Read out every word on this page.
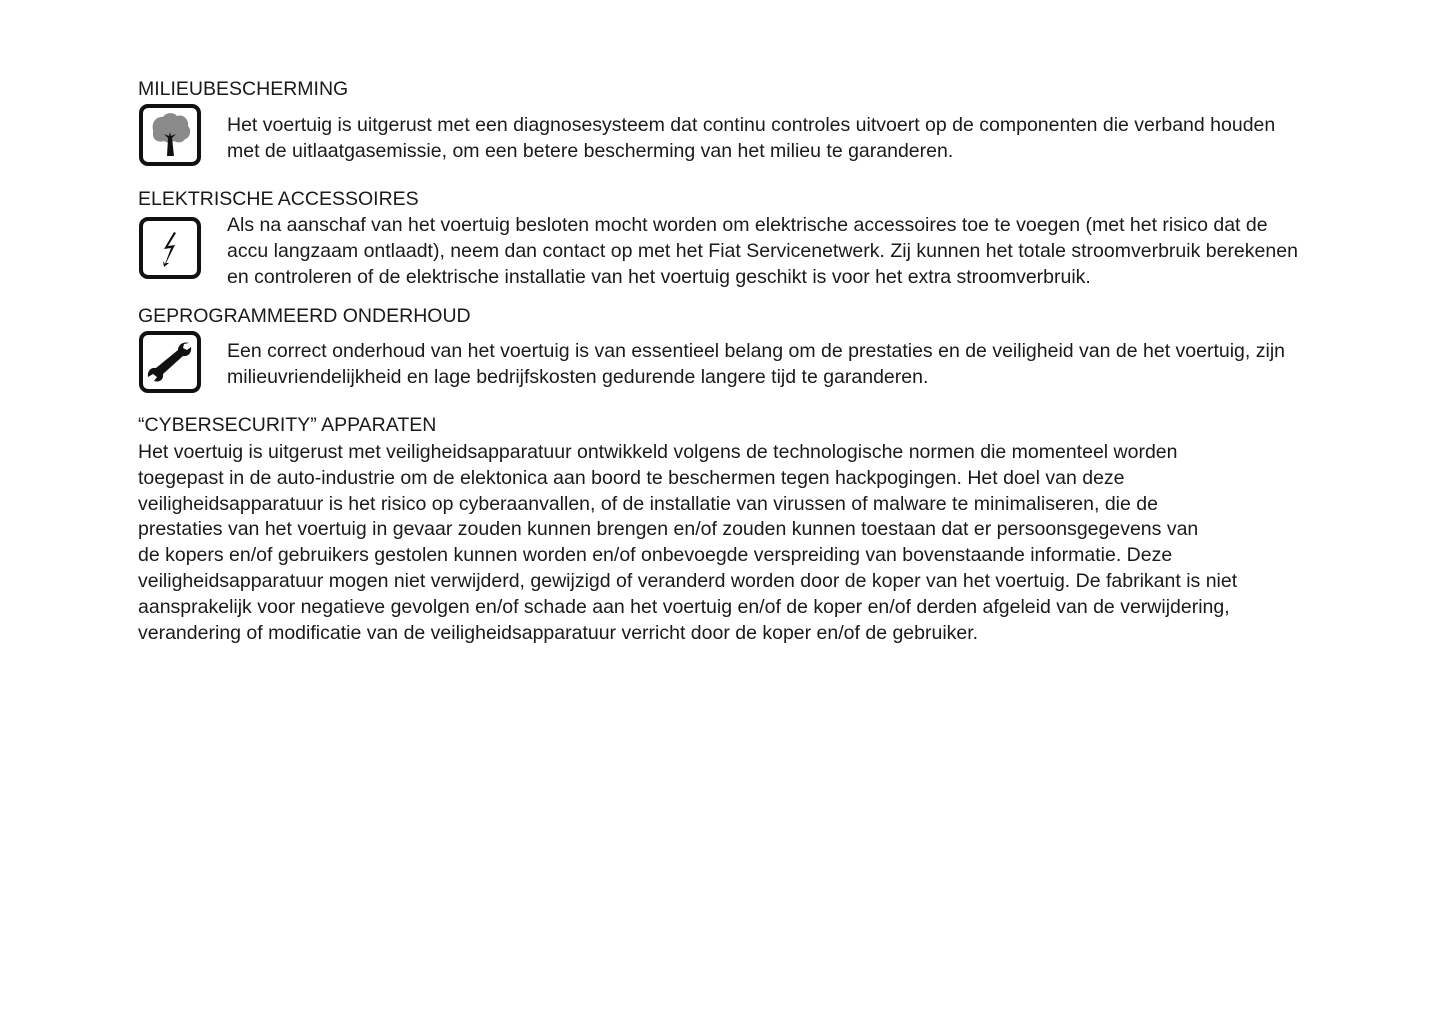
MILIEUBESCHERMING
Het voertuig is uitgerust met een diagnosesysteem dat continu controles uitvoert op de componenten die verband houden
met de uitlaatgasemissie, om een betere bescherming van het milieu te garanderen.
ELEKTRISCHE ACCESSOIRES
Als na aanschaf van het voertuig besloten mocht worden om elektrische accessoires toe te voegen (met het risico dat de
accu langzaam ontlaadt), neem dan contact op met het Fiat Servicenetwerk. Zij kunnen het totale stroomverbruik berekenen
en controleren of de elektrische installatie van het voertuig geschikt is voor het extra stroomverbruik.
GEPROGRAMMEERD ONDERHOUD
Een correct onderhoud van het voertuig is van essentieel belang om de prestaties en de veiligheid van de het voertuig, zijn
milieuvriendelijkheid en lage bedrijfskosten gedurende langere tijd te garanderen.
“CYBERSECURITY” APPARATEN
Het voertuig is uitgerust met veiligheidsapparatuur ontwikkeld volgens de technologische normen die momenteel worden
toegepast in de auto-industrie om de elektonica aan boord te beschermen tegen hackpogingen. Het doel van deze
veiligheidsapparatuur is het risico op cyberaanvallen, of de installatie van virussen of malware te minimaliseren, die de
prestaties van het voertuig in gevaar zouden kunnen brengen en/of zouden kunnen toestaan dat er persoonsgegevens van
de kopers en/of gebruikers gestolen kunnen worden en/of onbevoegde verspreiding van bovenstaande informatie. Deze
veiligheidsapparatuur mogen niet verwijderd, gewijzigd of veranderd worden door de koper van het voertuig. De fabrikant is niet
aansprakelijk voor negatieve gevolgen en/of schade aan het voertuig en/of de koper en/of derden afgeleid van de verwijdering,
verandering of modificatie van de veiligheidsapparatuur verricht door de koper en/of de gebruiker.
